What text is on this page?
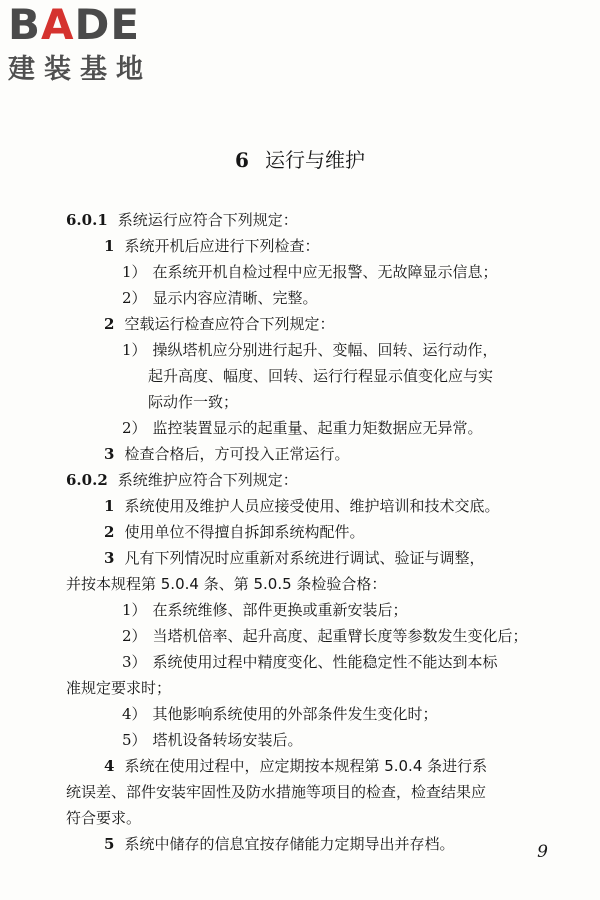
BADE
建装基地
6 运行与维护
6.0.1 系统运行应符合下列规定：
1 系统开机后应进行下列检查：
1） 在系统开机自检过程中应无报警、无故障显示信息；
2） 显示内容应清晰、完整。
2 空载运行检查应符合下列规定：
1） 操纵塔机应分别进行起升、变幅、回转、运行动作，
起升高度、幅度、回转、运行行程显示值变化应与实
际动作一致；
2） 监控装置显示的起重量、起重力矩数据应无异常。
3 检查合格后，方可投入正常运行。
6.0.2 系统维护应符合下列规定：
1 系统使用及维护人员应接受使用、维护培训和技术交底。
2 使用单位不得擅自拆卸系统构配件。
3 凡有下列情况时应重新对系统进行调试、验证与调整，
并按本规程第 5.0.4 条、第 5.0.5 条检验合格：
1） 在系统维修、部件更换或重新安装后；
2） 当塔机倍率、起升高度、起重臂长度等参数发生变化后；
3） 系统使用过程中精度变化、性能稳定性不能达到本标
准规定要求时；
4） 其他影响系统使用的外部条件发生变化时；
5） 塔机设备转场安装后。
4 系统在使用过程中，应定期按本规程第 5.0.4 条进行系
统误差、部件安装牢固性及防水措施等项目的检查，检查结果应
符合要求。
5 系统中储存的信息宜按存储能力定期导出并存档。	9
